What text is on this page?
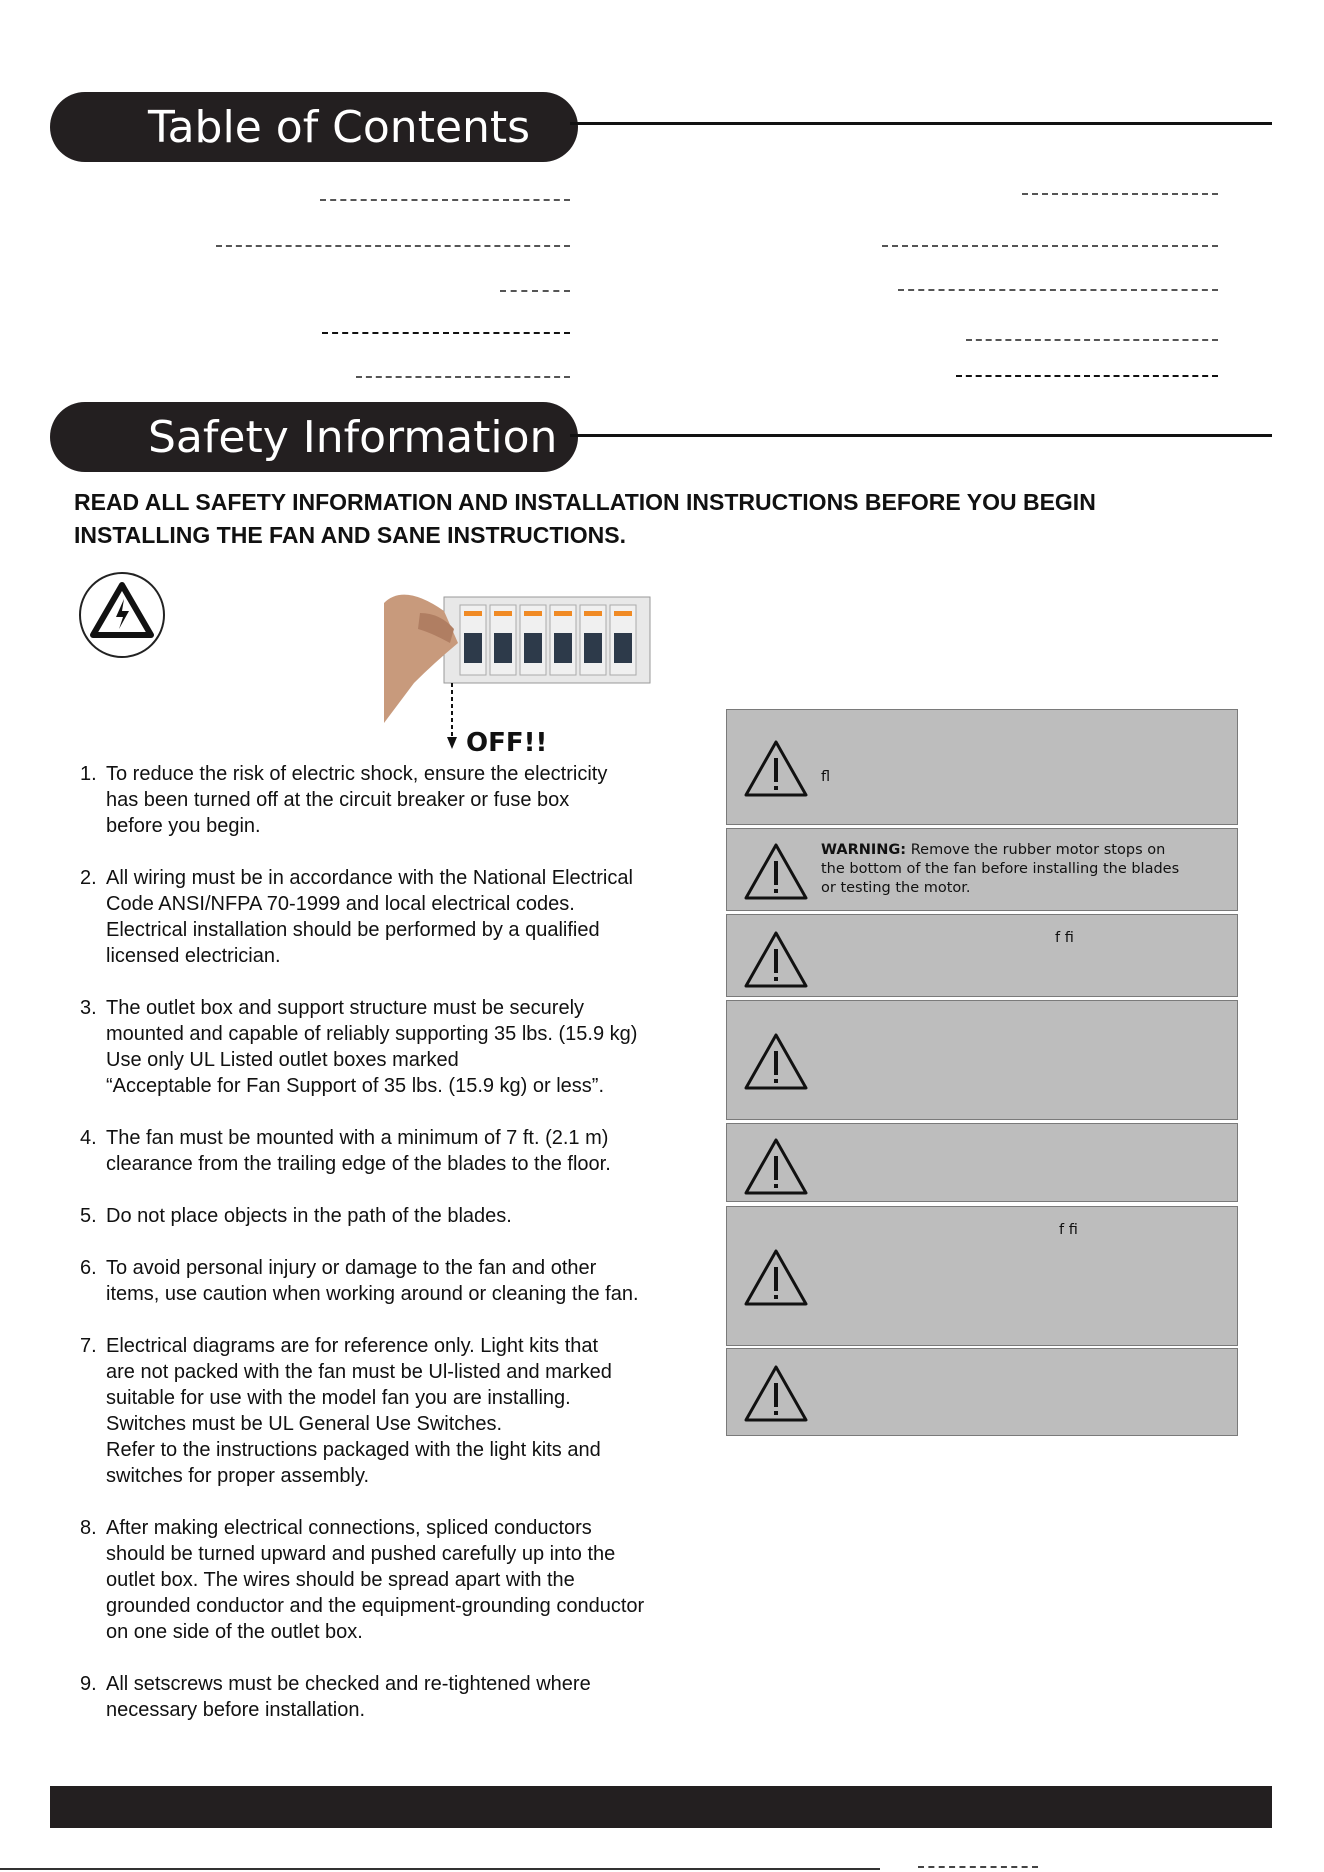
Table of Contents
Safety Information
READ ALL SAFETY INFORMATION AND INSTALLATION INSTRUCTIONS BEFORE YOU BEGIN
INSTALLING THE FAN AND SANE INSTRUCTIONS.
OFF!!
1. To reduce the risk of electric shock, ensure the electricity
has been turned off at the circuit breaker or fuse box
before you begin.
2. All wiring must be in accordance with the National Electrical
Code ANSI/NFPA 70-1999 and local electrical codes.
Electrical installation should be performed by a qualified
licensed electrician.
3. The outlet box and support structure must be securely
mounted and capable of reliably supporting 35 lbs. (15.9 kg)
Use only UL Listed outlet boxes marked
“Acceptable for Fan Support of 35 lbs. (15.9 kg) or less”.
4. The fan must be mounted with a minimum of 7 ft. (2.1 m)
clearance from the trailing edge of the blades to the floor.
5. Do not place objects in the path of the blades.
6. To avoid personal injury or damage to the fan and other
items, use caution when working around or cleaning the fan.
7. Electrical diagrams are for reference only. Light kits that
are not packed with the fan must be Ul-listed and marked
suitable for use with the model fan you are installing.
Switches must be UL General Use Switches.
Refer to the instructions packaged with the light kits and
switches for proper assembly.
8. After making electrical connections, spliced conductors
should be turned upward and pushed carefully up into the
outlet box. The wires should be spread apart with the
grounded conductor and the equipment-grounding conductor
on one side of the outlet box.
9. All setscrews must be checked and re-tightened where
necessary before installation.
ﬂ
WARNING: Remove the rubber motor stops on
the bottom of the fan before installing the blades
or testing the motor.
f ﬁ
f ﬁ
